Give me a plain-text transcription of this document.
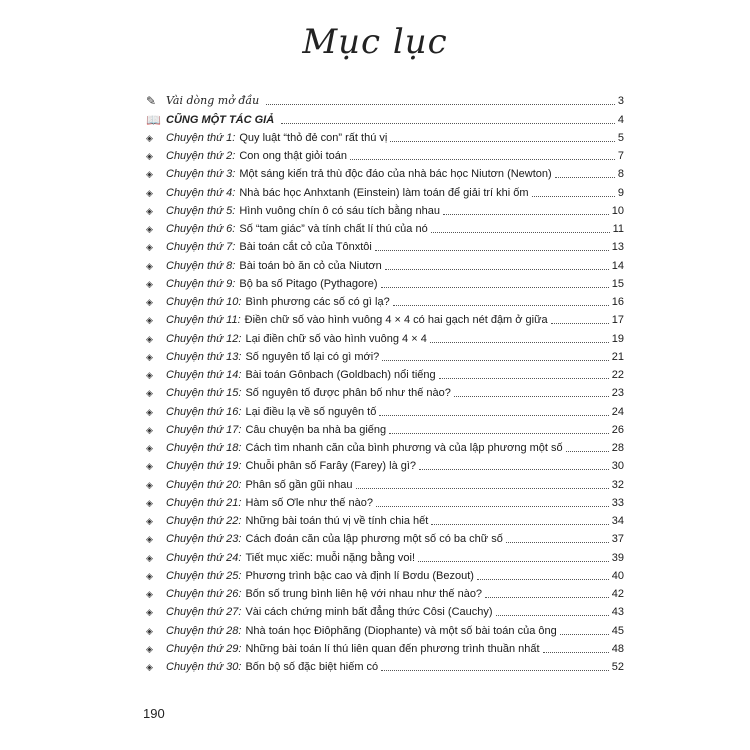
Mục lục
✎ Vài dòng mở đầu	3
📖 CŨNG MỘT TÁC GIẢ	4
◈	Chuyện thứ 1: Quy luật “thỏ đẻ con” rất thú vị	5
◈	Chuyện thứ 2: Con ong thật giỏi toán	7
◈	Chuyện thứ 3: Một sáng kiến trả thù độc đáo của nhà bác học Niutơn (Newton)	8
◈	Chuyện thứ 4: Nhà bác học Anhxtanh (Einstein) làm toán để giải trí khi ốm	9
◈	Chuyện thứ 5: Hình vuông chín ô có sáu tích bằng nhau	10
◈	Chuyện thứ 6: Số “tam giác” và tính chất lí thú của nó	11
◈	Chuyện thứ 7: Bài toán cắt cỏ của Tônxtôi	13
◈	Chuyện thứ 8: Bài toán bò ăn cỏ của Niutơn	14
◈	Chuyện thứ 9: Bộ ba số Pitago (Pythagore)	15
◈	Chuyện thứ 10: Bình phương các số có gì lạ?	16
◈	Chuyện thứ 11: Điền chữ số vào hình vuông 4 × 4 có hai gạch nét đậm ở giữa	17
◈	Chuyện thứ 12: Lại điền chữ số vào hình vuông 4 × 4	19
◈	Chuyện thứ 13: Số nguyên tố lại có gì mới?	21
◈	Chuyện thứ 14: Bài toán Gônbach (Goldbach) nổi tiếng	22
◈	Chuyện thứ 15: Số nguyên tố được phân bố như thế nào?	23
◈	Chuyện thứ 16: Lại điều lạ về số nguyên tố	24
◈	Chuyện thứ 17: Câu chuyện ba nhà ba giếng	26
◈	Chuyện thứ 18: Cách tìm nhanh căn của bình phương và của lập phương một số	28
◈	Chuyện thứ 19: Chuỗi phân số Farây (Farey) là gì?	30
◈	Chuyện thứ 20: Phân số gần gũi nhau	32
◈	Chuyện thứ 21: Hàm số Ơle như thế nào?	33
◈	Chuyện thứ 22: Những bài toán thú vị về tính chia hết	34
◈	Chuyện thứ 23: Cách đoán căn của lập phương một số có ba chữ số	37
◈	Chuyện thứ 24: Tiết mục xiếc: muỗi nặng bằng voi!	39
◈	Chuyện thứ 25: Phương trình bậc cao và định lí Bơdu (Bezout)	40
◈	Chuyện thứ 26: Bốn số trung bình liên hệ với nhau như thế nào?	42
◈	Chuyện thứ 27: Vài cách chứng minh bất đẳng thức Côsi (Cauchy)	43
◈	Chuyện thứ 28: Nhà toán học Điôphăng (Diophante) và một số bài toán của ông	45
◈	Chuyện thứ 29: Những bài toán lí thú liên quan đến phương trình thuần nhất	48
◈	Chuyện thứ 30: Bốn bộ số đặc biệt hiếm có	52
190
